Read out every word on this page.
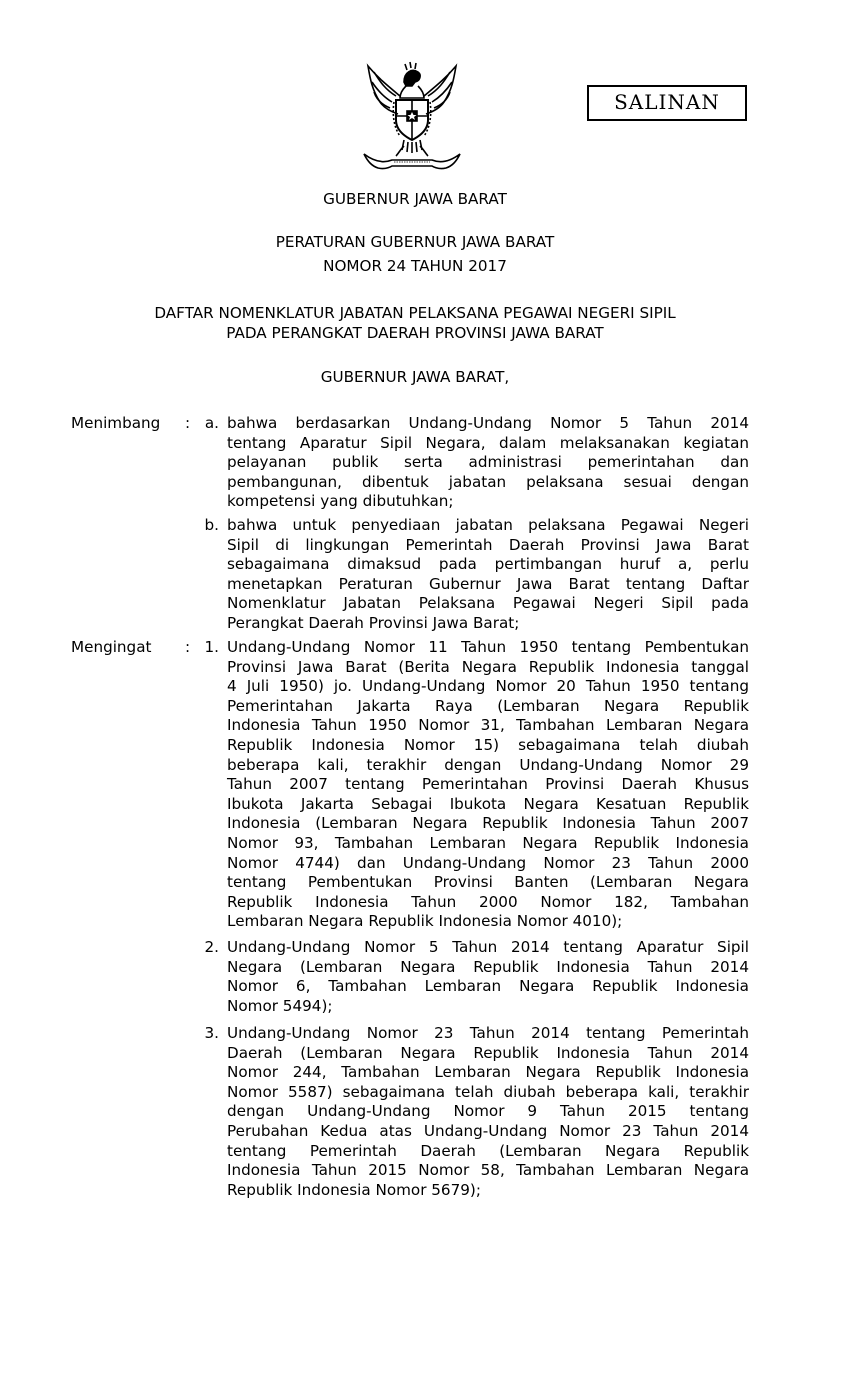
SALINAN
GUBERNUR JAWA BARAT
PERATURAN GUBERNUR JAWA BARAT
NOMOR 24 TAHUN 2017
DAFTAR NOMENKLATUR JABATAN PELAKSANA PEGAWAI NEGERI SIPIL
PADA PERANGKAT DAERAH PROVINSI JAWA BARAT
GUBERNUR JAWA BARAT,
Menimbang : a. bahwa berdasarkan Undang-Undang Nomor 5 Tahun 2014
tentang Aparatur Sipil Negara, dalam melaksanakan kegiatan
pelayanan publik serta administrasi pemerintahan dan
pembangunan, dibentuk jabatan pelaksana sesuai dengan
kompetensi yang dibutuhkan;
b. bahwa untuk penyediaan jabatan pelaksana Pegawai Negeri
Sipil di lingkungan Pemerintah Daerah Provinsi Jawa Barat
sebagaimana dimaksud pada pertimbangan huruf a, perlu
menetapkan Peraturan Gubernur Jawa Barat tentang Daftar
Nomenklatur Jabatan Pelaksana Pegawai Negeri Sipil pada
Perangkat Daerah Provinsi Jawa Barat;
Mengingat : 1. Undang-Undang Nomor 11 Tahun 1950 tentang Pembentukan
Provinsi Jawa Barat (Berita Negara Republik Indonesia tanggal
4 Juli 1950) jo. Undang-Undang Nomor 20 Tahun 1950 tentang
Pemerintahan Jakarta Raya (Lembaran Negara Republik
Indonesia Tahun 1950 Nomor 31, Tambahan Lembaran Negara
Republik Indonesia Nomor 15) sebagaimana telah diubah
beberapa kali, terakhir dengan Undang-Undang Nomor 29
Tahun 2007 tentang Pemerintahan Provinsi Daerah Khusus
Ibukota Jakarta Sebagai Ibukota Negara Kesatuan Republik
Indonesia (Lembaran Negara Republik Indonesia Tahun 2007
Nomor 93, Tambahan Lembaran Negara Republik Indonesia
Nomor 4744) dan Undang-Undang Nomor 23 Tahun 2000
tentang Pembentukan Provinsi Banten (Lembaran Negara
Republik Indonesia Tahun 2000 Nomor 182, Tambahan
Lembaran Negara Republik Indonesia Nomor 4010);
2. Undang-Undang Nomor 5 Tahun 2014 tentang Aparatur Sipil
Negara (Lembaran Negara Republik Indonesia Tahun 2014
Nomor 6, Tambahan Lembaran Negara Republik Indonesia
Nomor 5494);
3. Undang-Undang Nomor 23 Tahun 2014 tentang Pemerintah
Daerah (Lembaran Negara Republik Indonesia Tahun 2014
Nomor 244, Tambahan Lembaran Negara Republik Indonesia
Nomor 5587) sebagaimana telah diubah beberapa kali, terakhir
dengan Undang-Undang Nomor 9 Tahun 2015 tentang
Perubahan Kedua atas Undang-Undang Nomor 23 Tahun 2014
tentang Pemerintah Daerah (Lembaran Negara Republik
Indonesia Tahun 2015 Nomor 58, Tambahan Lembaran Negara
Republik Indonesia Nomor 5679);
